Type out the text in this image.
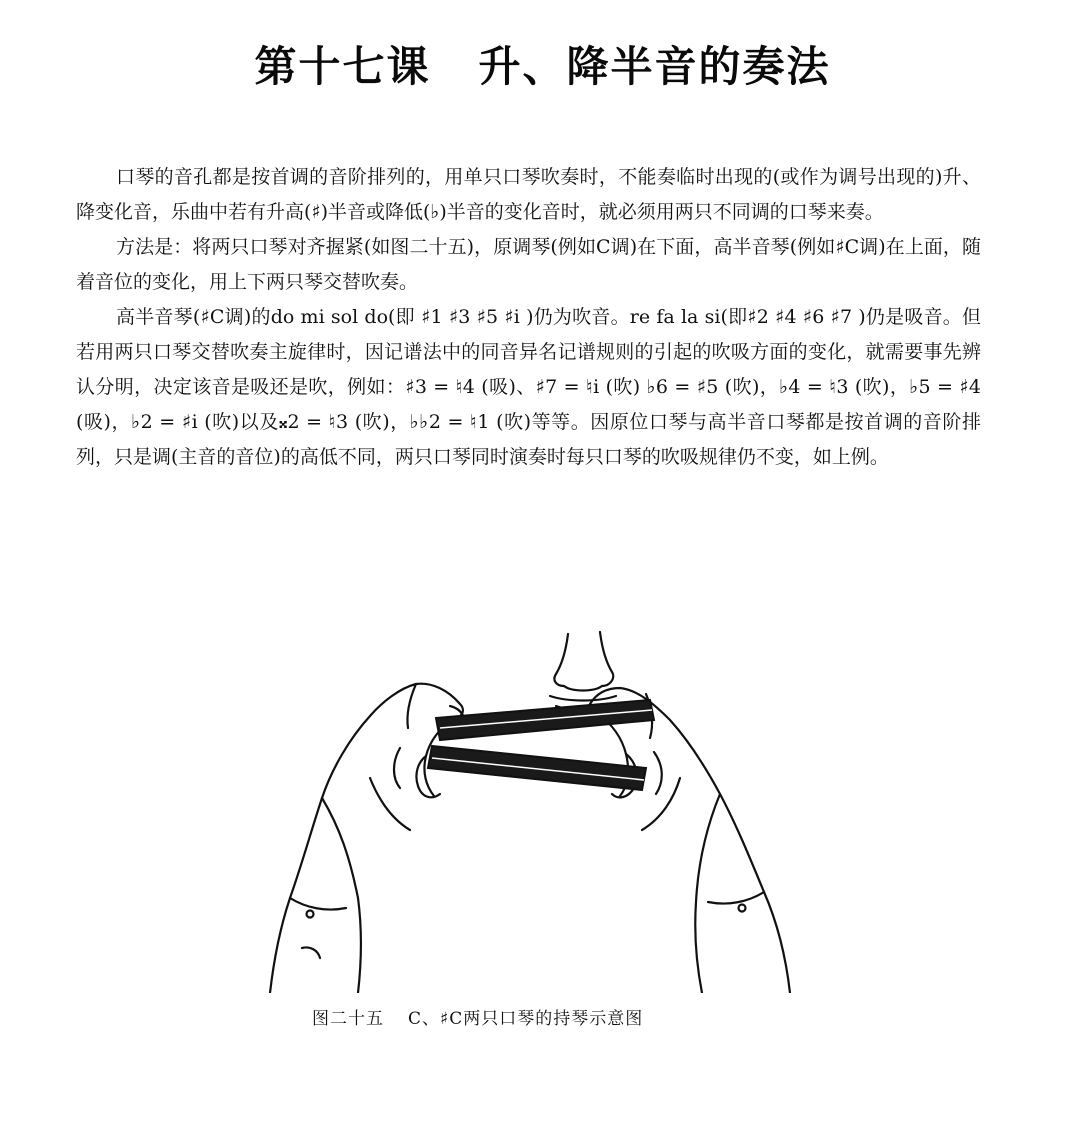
第十七课 升、降半音的奏法

口琴的音孔都是按首调的音阶排列的，用单只口琴吹奏时，不能奏临时出现的(或作为调号出现的)升、降变化音，乐曲中若有升高(♯)半音或降低(♭)半音的变化音时，就必须用两只不同调的口琴来奏。

方法是：将两只口琴对齐握紧(如图二十五)，原调琴(例如C调)在下面，高半音琴(例如♯C调)在上面，随着音位的变化，用上下两只琴交替吹奏。

高半音琴(♯C调)的do mi sol do(即 ♯1 ♯3 ♯5 ♯i )仍为吹音。re fa la si(即♯2 ♯4 ♯6 ♯7 )仍是吸音。但若用两只口琴交替吹奏主旋律时，因记谱法中的同音异名记谱规则的引起的吹吸方面的变化，就需要事先辨认分明，决定该音是吸还是吹，例如：♯3 = ♮4 (吸)、♯7 = ♮i (吹) ♭6 = ♯5 (吹)，♭4 = ♮3 (吹)，♭5 = ♯4 (吸)，♭2 = ♯i (吹)以及𝄪2 = ♮3 (吹)，♭♭2 = ♮1 (吹)等等。因原位口琴与高半音口琴都是按首调的音阶排列，只是调(主音的音位)的高低不同，两只口琴同时演奏时每只口琴的吹吸规律仍不变，如上例。

图二十五 C、♯C两只口琴的持琴示意图
